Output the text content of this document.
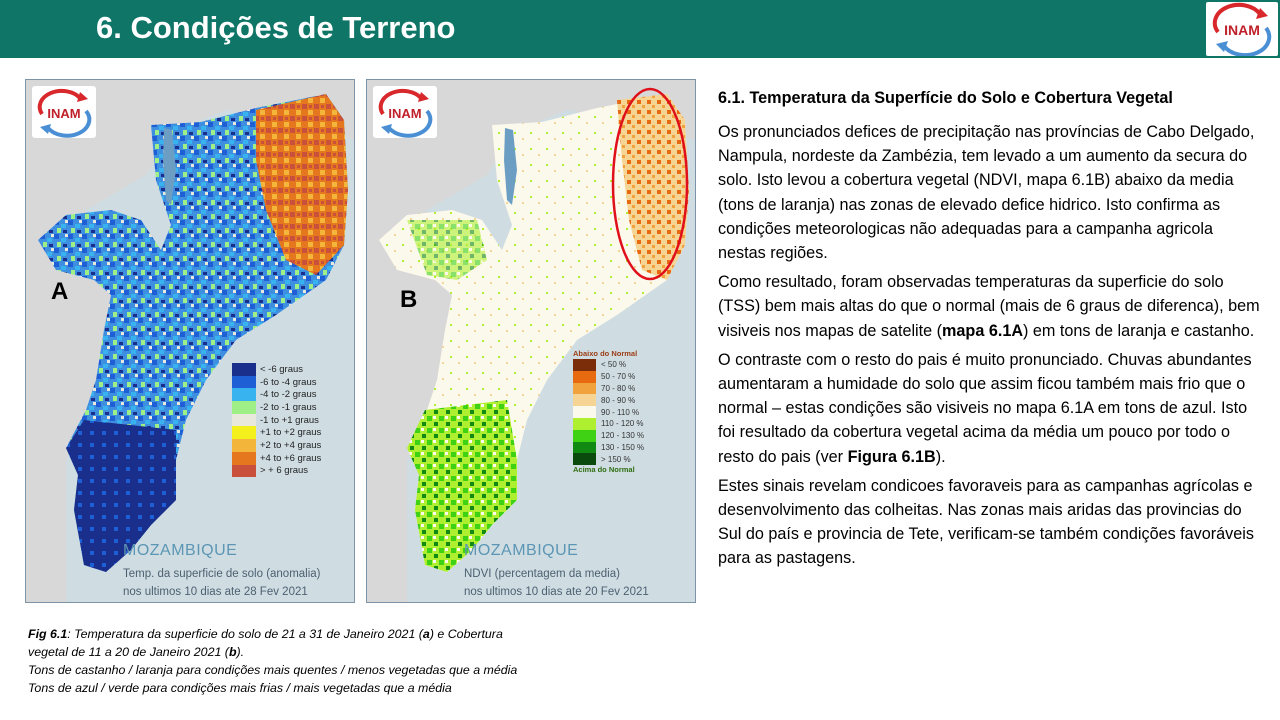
6. Condições de Terreno	INAM
INAM
A
< -6 graus
-6 to -4 graus
-4 to -2 graus
-2 to -1 graus
-1 to +1 graus
+1 to +2 graus
+2 to +4 graus
+4 to +6 graus
> + 6 graus
MOZAMBIQUE
Temp. da superficie de solo (anomalia)
nos ultimos 10 dias ate 28 Fev 2021
INAM
B
Abaixo do Normal
< 50 %
50 - 70 %
70 - 80 %
80 - 90 %
90 - 110 %
110 - 120 %
120 - 130 %
130 - 150 %
> 150 %
Acima do Normal
MOZAMBIQUE
NDVI (percentagem da media)
nos ultimos 10 dias ate 20 Fev 2021

Fig 6.1: Temperatura da superficie do solo de 21 a 31 de Janeiro 2021 (a) e Cobertura

vegetal de 11 a 20 de Janeiro 2021 (b).

Tons de castanho / laranja para condições mais quentes / menos vegetadas que a média

Tons de azul / verde para condições mais frias / mais vegetadas que a média

6.1. Temperatura da Superfície do Solo e Cobertura Vegetal

Os pronunciados defices de precipitação nas províncias de Cabo Delgado, Nampula, nordeste da Zambézia, tem levado a um aumento da secura do solo. Isto levou a cobertura vegetal (NDVI, mapa 6.1B) abaixo da media (tons de laranja) nas zonas de elevado defice hidrico. Isto confirma as condições meteorologicas não adequadas para a campanha agricola nestas regiões.

Como resultado, foram observadas temperaturas da superficie do solo (TSS) bem mais altas do que o normal (mais de 6 graus de diferenca), bem visiveis nos mapas de satelite (mapa 6.1A) em tons de laranja e castanho.

O contraste com o resto do pais é muito pronunciado. Chuvas abundantes aumentaram a humidade do solo que assim ficou também mais frio que o normal – estas condições são visiveis no mapa 6.1A em tons de azul. Isto foi resultado da cobertura vegetal acima da média um pouco por todo o resto do pais (ver Figura 6.1B).

Estes sinais revelam condicoes favoraveis para as campanhas agrícolas e desenvolvimento das colheitas. Nas zonas mais aridas das provincias do Sul do país e provincia de Tete, verificam-se também condições favoráveis para as pastagens.
